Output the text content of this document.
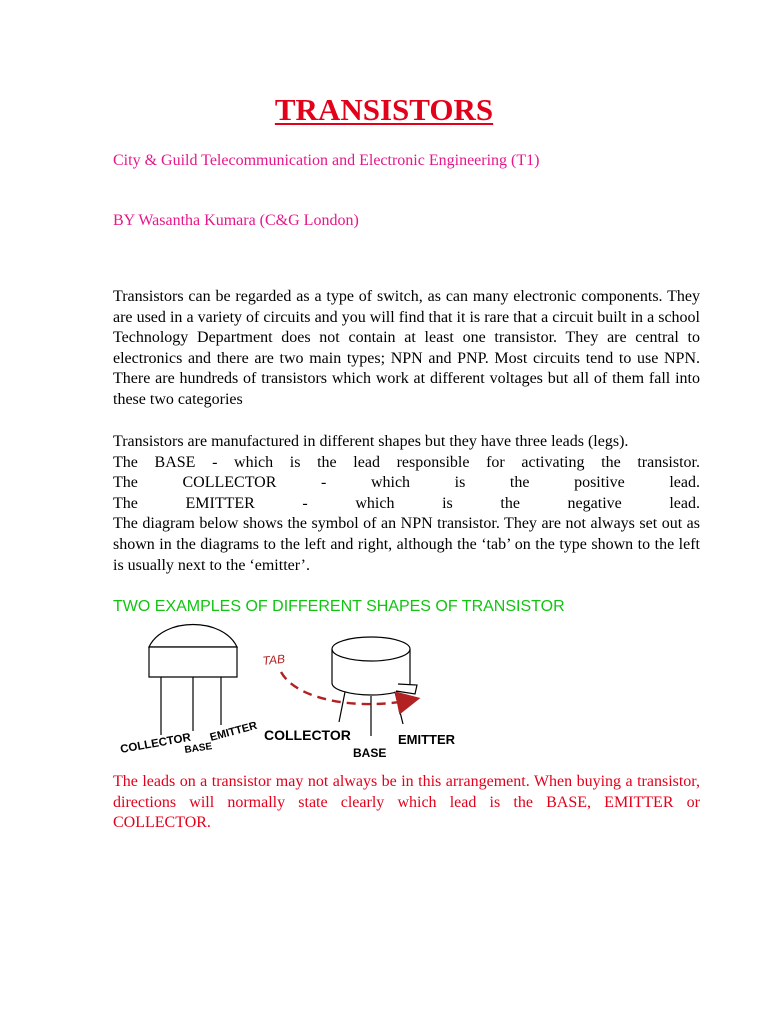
TRANSISTORS
City & Guild Telecommunication and Electronic Engineering (T1)
BY Wasantha Kumara (C&G London)

Transistors can be regarded as a type of switch, as can many electronic components. They are used in a variety of circuits and you will find that it is rare that a circuit built in a school Technology Department does not contain at least one transistor. They are central to electronics and there are two main types; NPN and PNP. Most circuits tend to use NPN. There are hundreds of transistors which work at different voltages but all of them fall into these two categories

Transistors are manufactured in different shapes but they have three leads (legs).
The BASE - which is the lead responsible for activating the transistor.
The COLLECTOR - which is the positive lead.
The EMITTER - which is the negative lead.
The diagram below shows the symbol of an NPN transistor. They are not always set out as shown in the diagrams to the left and right, although the ‘tab’ on the type shown to the left is usually next to the ‘emitter’.
TWO EXAMPLES OF DIFFERENT SHAPES OF TRANSISTOR
COLLECTOR
BASE
EMITTER
TAB
COLLECTOR
BASE
EMITTER

The leads on a transistor may not always be in this arrangement. When buying a transistor, directions will normally state clearly which lead is the BASE, EMITTER or COLLECTOR.
